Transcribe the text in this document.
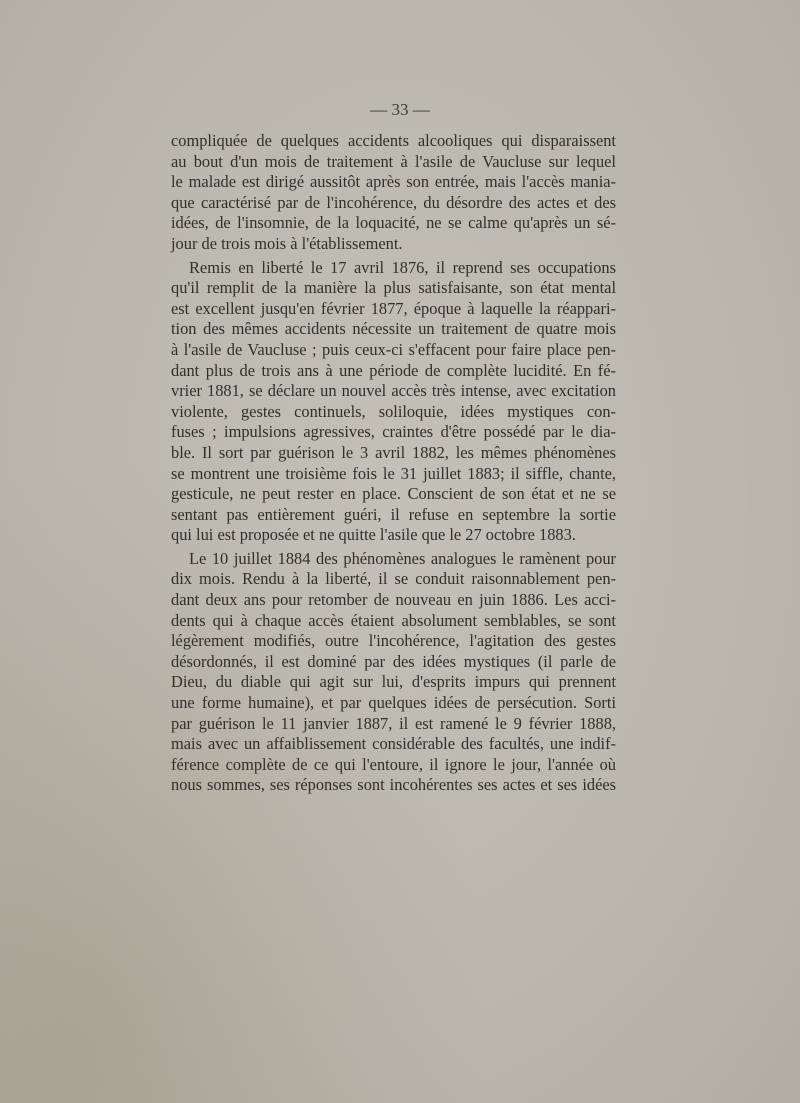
— 33 —
compliquée de quelques accidents alcooliques qui disparaissent
au bout d'un mois de traitement à l'asile de Vaucluse sur lequel
le malade est dirigé aussitôt après son entrée, mais l'accès mania-
que caractérisé par de l'incohérence, du désordre des actes et des
idées, de l'insomnie, de la loquacité, ne se calme qu'après un sé-
jour de trois mois à l'établissement.
Remis en liberté le 17 avril 1876, il reprend ses occupations
qu'il remplit de la manière la plus satisfaisante, son état mental
est excellent jusqu'en février 1877, époque à laquelle la réappari-
tion des mêmes accidents nécessite un traitement de quatre mois
à l'asile de Vaucluse ; puis ceux-ci s'effacent pour faire place pen-
dant plus de trois ans à une période de complète lucidité. En fé-
vrier 1881, se déclare un nouvel accès très intense, avec excitation
violente, gestes continuels, soliloquie, idées mystiques con-
fuses ; impulsions agressives, craintes d'être possédé par le dia-
ble. Il sort par guérison le 3 avril 1882, les mêmes phénomènes
se montrent une troisième fois le 31 juillet 1883; il siffle, chante,
gesticule, ne peut rester en place. Conscient de son état et ne se
sentant pas entièrement guéri, il refuse en septembre la sortie
qui lui est proposée et ne quitte l'asile que le 27 octobre 1883.
Le 10 juillet 1884 des phénomènes analogues le ramènent pour
dix mois. Rendu à la liberté, il se conduit raisonnablement pen-
dant deux ans pour retomber de nouveau en juin 1886. Les acci-
dents qui à chaque accès étaient absolument semblables, se sont
légèrement modifiés, outre l'incohérence, l'agitation des gestes
désordonnés, il est dominé par des idées mystiques (il parle de
Dieu, du diable qui agit sur lui, d'esprits impurs qui prennent
une forme humaine), et par quelques idées de persécution. Sorti
par guérison le 11 janvier 1887, il est ramené le 9 février 1888,
mais avec un affaiblissement considérable des facultés, une indif-
férence complète de ce qui l'entoure, il ignore le jour, l'année où
nous sommes, ses réponses sont incohérentes ses actes et ses idées
